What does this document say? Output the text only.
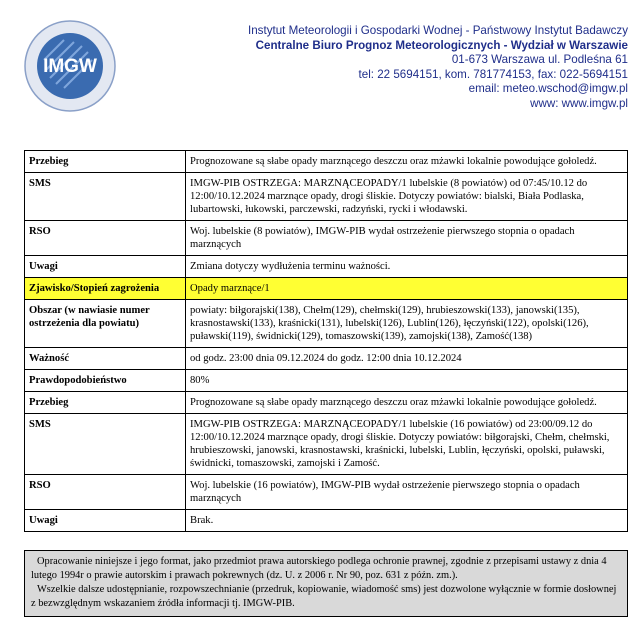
IMGW
Instytut Meteorologii i Gospodarki Wodnej - Państwowy Instytut Badawczy
Centralne Biuro Prognoz Meteorologicznych - Wydział w Warszawie
01-673 Warszawa ul. Podleśna 61
tel: 22 5694151, kom. 781774153, fax: 022-5694151
email: meteo.wschod@imgw.pl
www: www.imgw.pl
Przebieg	Prognozowane są słabe opady marznącego deszczu oraz mżawki lokalnie powodujące gołoledź.
SMS	IMGW-PIB OSTRZEGA: MARZNĄCEOPADY/1 lubelskie (8 powiatów) od 07:45/10.12 do 12:00/10.12.2024 marznące opady, drogi śliskie. Dotyczy powiatów: bialski, Biała Podlaska, lubartowski, łukowski, parczewski, radzyński, rycki i włodawski.
RSO	Woj. lubelskie (8 powiatów), IMGW-PIB wydał ostrzeżenie pierwszego stopnia o opadach marznących
Uwagi	Zmiana dotyczy wydłużenia terminu ważności.
Zjawisko/Stopień zagrożenia	Opady marznące/1
Obszar (w nawiasie numer ostrzeżenia dla powiatu)	powiaty: biłgorajski(138), Chełm(129), chełmski(129), hrubieszowski(133), janowski(135), krasnostawski(133), kraśnicki(131), lubelski(126), Lublin(126), łęczyński(122), opolski(126), puławski(119), świdnicki(129), tomaszowski(139), zamojski(138), Zamość(138)
Ważność	od godz. 23:00 dnia 09.12.2024 do godz. 12:00 dnia 10.12.2024
Prawdopodobieństwo	80%
Przebieg	Prognozowane są słabe opady marznącego deszczu oraz mżawki lokalnie powodujące gołoledź.
SMS	IMGW-PIB OSTRZEGA: MARZNĄCEOPADY/1 lubelskie (16 powiatów) od 23:00/09.12 do 12:00/10.12.2024 marznące opady, drogi śliskie. Dotyczy powiatów: biłgorajski, Chełm, chełmski, hrubieszowski, janowski, krasnostawski, kraśnicki, lubelski, Lublin, łęczyński, opolski, puławski, świdnicki, tomaszowski, zamojski i Zamość.
RSO	Woj. lubelskie (16 powiatów), IMGW-PIB wydał ostrzeżenie pierwszego stopnia o opadach marznących
Uwagi	Brak.
Opracowanie niniejsze i jego format, jako przedmiot prawa autorskiego podlega ochronie prawnej, zgodnie z przepisami ustawy z dnia 4 lutego 1994r o prawie autorskim i prawach pokrewnych (dz. U. z 2006 r. Nr 90, poz. 631 z późn. zm.).
Wszelkie dalsze udostępnianie, rozpowszechnianie (przedruk, kopiowanie, wiadomość sms) jest dozwolone wyłącznie w formie dosłownej z bezwzględnym wskazaniem źródła informacji tj. IMGW-PIB.
